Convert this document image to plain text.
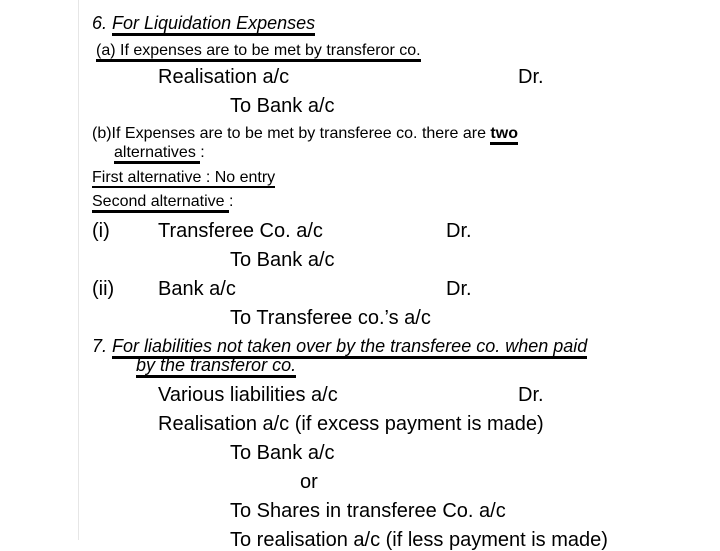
6. For Liquidation Expenses
(a) If expenses are to be met by transferor co.
Realisation a/c	Dr.
To Bank a/c
(b)If Expenses are to be met by transferee co. there are two
alternatives :
First alternative : No entry
Second alternative :
(i) Transferee Co. a/c	Dr.
To Bank a/c
(ii) Bank a/c	Dr.
To Transferee co.’s a/c
7. For liabilities not taken over by the transferee co. when paid
by the transferor co.
Various liabilities a/c	Dr.
Realisation a/c (if excess payment is made)
To Bank a/c
or
To Shares in transferee Co. a/c
To realisation a/c (if less payment is made)
